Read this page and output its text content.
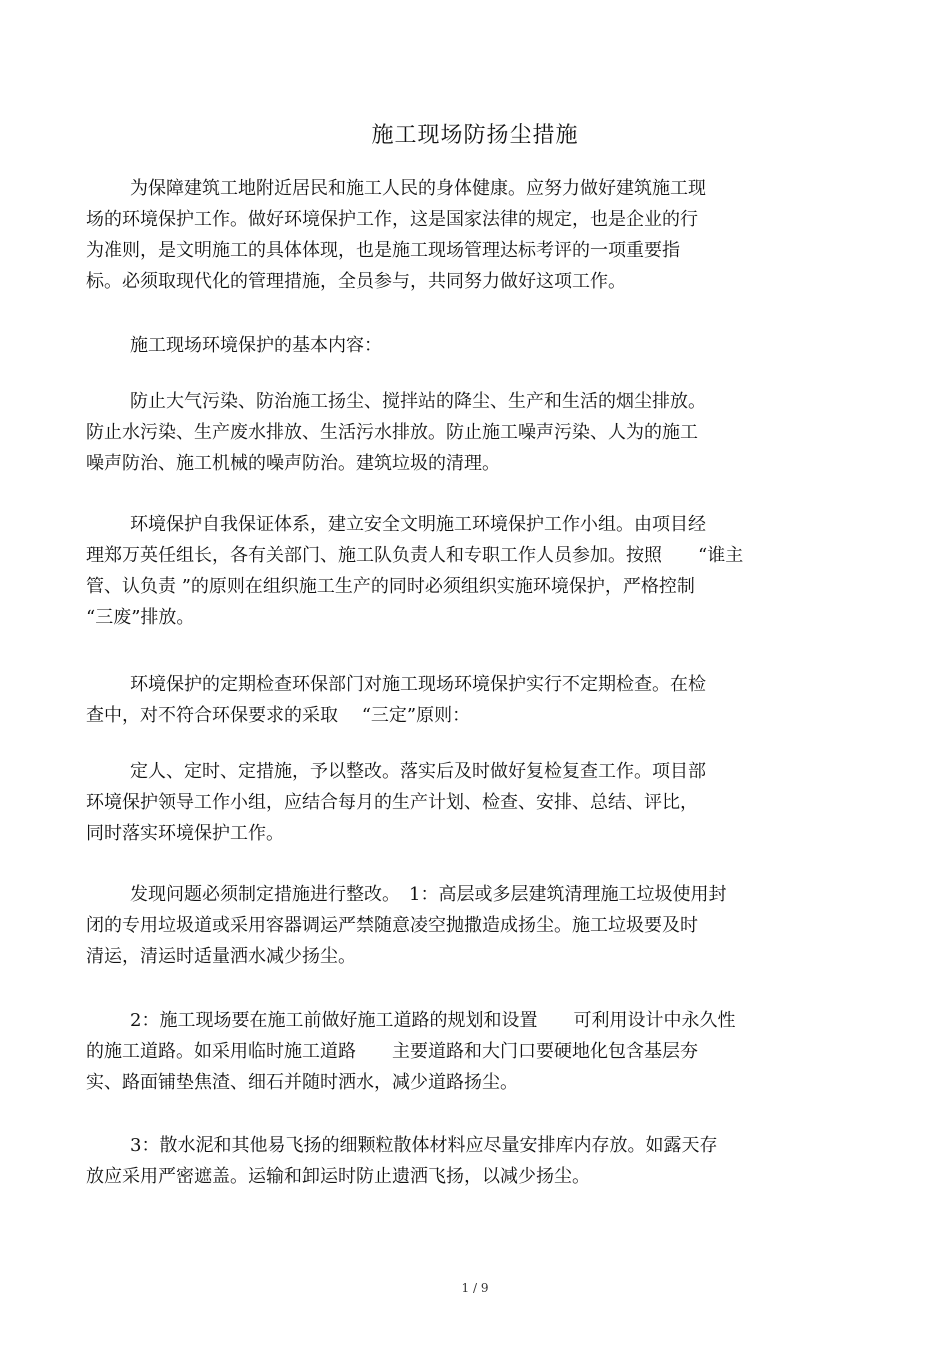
施工现场防扬尘措施
为保障建筑工地附近居民和施工人民的身体健康。应努力做好建筑施工现
场的环境保护工作。做好环境保护工作，这是国家法律的规定，也是企业的行
为准则，是文明施工的具体体现，也是施工现场管理达标考评的一项重要指
标。必须取现代化的管理措施，全员参与，共同努力做好这项工作。
施工现场环境保护的基本内容：
防止大气污染、防治施工扬尘、搅拌站的降尘、生产和生活的烟尘排放。
防止水污染、生产废水排放、生活污水排放。防止施工噪声污染、人为的施工
噪声防治、施工机械的噪声防治。建筑垃圾的清理。
环境保护自我保证体系，建立安全文明施工环境保护工作小组。由项目经
理郑万英任组长，各有关部门、施工队负责人和专职工作人员参加。按照　　“谁主
管、认负责 ”的原则在组织施工生产的同时必须组织实施环境保护，严格控制
“三废”排放。
环境保护的定期检查环保部门对施工现场环境保护实行不定期检查。在检
查中，对不符合环保要求的采取　 “三定”原则：
定人、定时、定措施，予以整改。落实后及时做好复检复查工作。项目部
环境保护领导工作小组，应结合每月的生产计划、检查、安排、总结、评比，
同时落实环境保护工作。
发现问题必须制定措施进行整改。　1：高层或多层建筑清理施工垃圾使用封
闭的专用垃圾道或采用容器调运严禁随意凌空抛撒造成扬尘。施工垃圾要及时
清运，清运时适量洒水减少扬尘。
2：施工现场要在施工前做好施工道路的规划和设置　　可利用设计中永久性
的施工道路。如采用临时施工道路　　主要道路和大门口要硬地化包含基层夯
实、路面铺垫焦渣、细石并随时洒水，减少道路扬尘。
3：散水泥和其他易飞扬的细颗粒散体材料应尽量安排库内存放。如露天存
放应采用严密遮盖。运输和卸运时防止遗洒飞扬，以减少扬尘。
1 / 9
